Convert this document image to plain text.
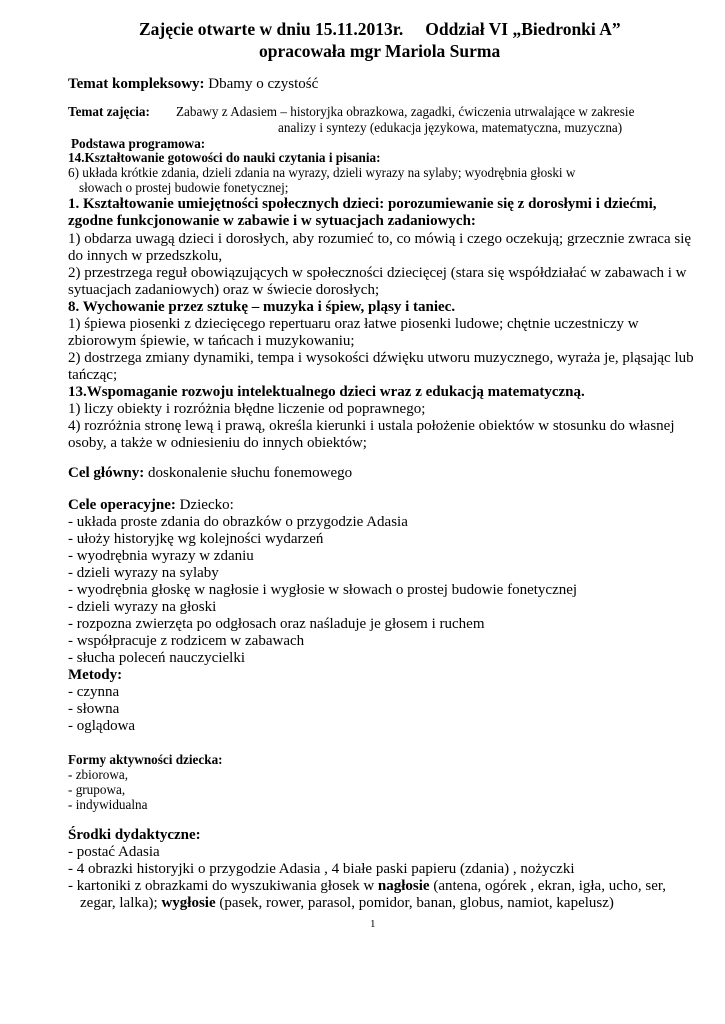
Zajęcie otwarte w dniu 15.11.2013r. Oddział VI „Biedronki A”
opracowała mgr Mariola Surma
Temat kompleksowy: Dbamy o czystość
Temat zajęcia: Zabawy z Adasiem – historyjka obrazkowa, zagadki, ćwiczenia utrwalające w zakresie
analizy i syntezy (edukacja językowa, matematyczna, muzyczna)
Podstawa programowa:
14.Kształtowanie gotowości do nauki czytania i pisania:
6) układa krótkie zdania, dzieli zdania na wyrazy, dzieli wyrazy na sylaby; wyodrębnia głoski w
słowach o prostej budowie fonetycznej;
1. Kształtowanie umiejętności społecznych dzieci: porozumiewanie się z dorosłymi i dziećmi,
zgodne funkcjonowanie w zabawie i w sytuacjach zadaniowych:
1) obdarza uwagą dzieci i dorosłych, aby rozumieć to, co mówią i czego oczekują; grzecznie zwraca się
do innych w przedszkolu,
2) przestrzega reguł obowiązujących w społeczności dziecięcej (stara się współdziałać w zabawach i w
sytuacjach zadaniowych) oraz w świecie dorosłych;
8. Wychowanie przez sztukę – muzyka i śpiew, pląsy i taniec.
1) śpiewa piosenki z dziecięcego repertuaru oraz łatwe piosenki ludowe; chętnie uczestniczy w
zbiorowym śpiewie, w tańcach i muzykowaniu;
2) dostrzega zmiany dynamiki, tempa i wysokości dźwięku utworu muzycznego, wyraża je, pląsając lub
tańcząc;
13.Wspomaganie rozwoju intelektualnego dzieci wraz z edukacją matematyczną.
1) liczy obiekty i rozróżnia błędne liczenie od poprawnego;
4) rozróżnia stronę lewą i prawą, określa kierunki i ustala położenie obiektów w stosunku do własnej
osoby, a także w odniesieniu do innych obiektów;
Cel główny: doskonalenie słuchu fonemowego
Cele operacyjne: Dziecko:
- układa proste zdania do obrazków o przygodzie Adasia
- ułoży historyjkę wg kolejności wydarzeń
- wyodrębnia wyrazy w zdaniu
- dzieli wyrazy na sylaby
- wyodrębnia głoskę w nagłosie i wygłosie w słowach o prostej budowie fonetycznej
- dzieli wyrazy na głoski
- rozpozna zwierzęta po odgłosach oraz naśladuje je głosem i ruchem
- współpracuje z rodzicem w zabawach
- słucha poleceń nauczycielki
Metody:
- czynna
- słowna
- oglądowa
Formy aktywności dziecka:
- zbiorowa,
- grupowa,
- indywidualna
Środki dydaktyczne:
- postać Adasia
- 4 obrazki historyjki o przygodzie Adasia , 4 białe paski papieru (zdania) , nożyczki
- kartoniki z obrazkami do wyszukiwania głosek w nagłosie (antena, ogórek , ekran, igła, ucho, ser,
zegar, lalka); wygłosie (pasek, rower, parasol, pomidor, banan, globus, namiot, kapelusz)
1
